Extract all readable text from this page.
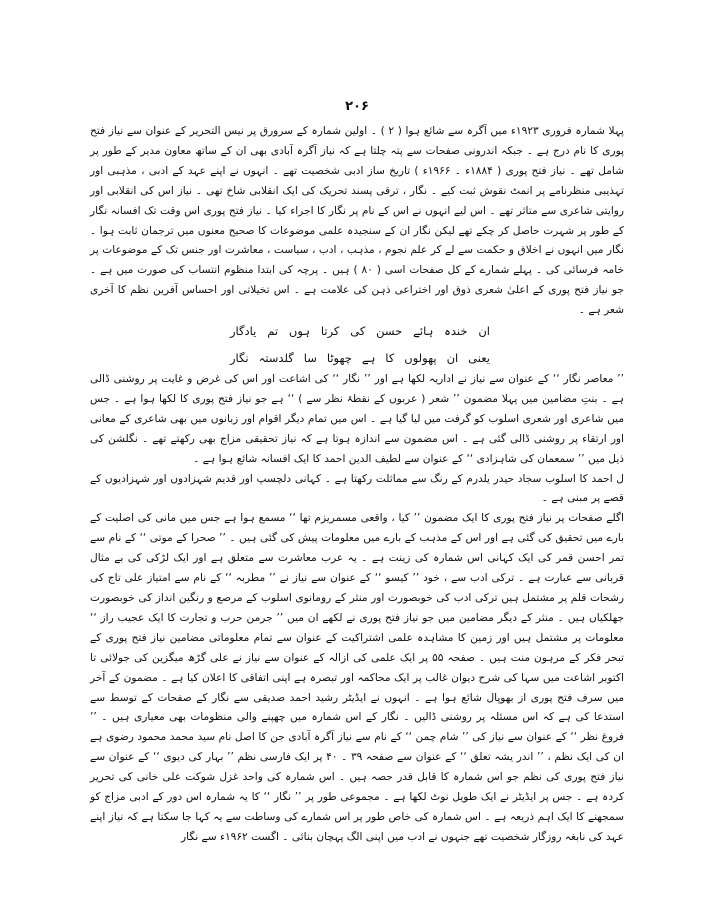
۲۰۶
پہلا شمارہ فروری ۱۹۲۳ء میں آگرہ سے شائع ہوا ( ۲ ) ۔ اولین شمارہ کے سرورق پر نیس التحریر کے عنوان سے نیاز فتح پوری کا نام درج ہے ۔ جبکہ اندرونی صفحات سے پتہ چلتا ہے کہ نیاز آگرہ آبادی بھی ان کے ساتھ معاون مدیر کے طور پر شامل تھے ۔ نیاز فتح پوری ( ۱۸۸۴ء ۔ ۱۹۶۶ء ) تاریخ ساز ادبی شخصیت تھے ۔ انہوں نے اپنے عہد کے ادبی ، مذہبی اور تہذیبی منظرنامے پر انمٹ نقوش ثبت کیے ۔ نگار ، ترقی پسند تحریک کی ایک انقلابی شاخ تھی ۔ نیاز اس کی انقلابی اور روایتی شاعری سے متاثر تھے ۔ اس لیے انہوں نے اس کے نام پر نگار کا اجراء کیا ۔ نیاز فتح پوری اس وقت تک افسانہ نگار کے طور پر شہرت حاصل کر چکے تھے لیکن نگار ان کے سنجیدہ علمی موضوعات کا صحیح معنوں میں ترجمان ثابت ہوا ۔ نگار میں انہوں نے اخلاق و حکمت سے لے کر علم نجوم ، مذہب ، ادب ، سیاست ، معاشرت اور جنس تک کے موضوعات پر خامہ فرسائی کی ۔ پہلے شمارے کے کل صفحات اسی ( ۸۰ ) ہیں ۔ پرچہ کی ابتدا منظوم انتساب کی صورت میں ہے ۔ جو نیاز فتح پوری کے اعلیٰ شعری ذوق اور اختراعی ذہن کی علامت ہے ۔ اس تخیلاتی اور احساس آفرین نظم کا آخری شعر ہے ۔
ان خندہ ہائے حسن کی کرتا ہوں تم یادگار
یعنی ان پھولوں کا ہے چھوٹا سا گلدستہ نگار
’’ معاصر نگار ‘‘ کے عنوان سے نیاز نے اداریہ لکھا ہے اور ’’ نگار ‘‘ کی اشاعت اور اس کی غرض و غایت پر روشنی ڈالی ہے ۔ بنتِ مضامین میں پہلا مضمون ’’ شعر ( عربوں کے نقطۂ نظر سے ) ‘‘ ہے جو نیاز فتح پوری کا لکھا ہوا ہے ۔ جس میں شاعری اور شعری اسلوب کو گرفت میں لیا گیا ہے ۔ اس میں تمام دیگر اقوام اور زبانوں میں بھی شاعری کے معانی اور ارتقاء پر روشنی ڈالی گئی ہے ۔ اس مضمون سے اندازہ ہوتا ہے کہ نیاز تحقیقی مزاج بھی رکھتے تھے ۔ نگلشن کی ذیل میں ’’ سمعمان کی شاہزادی ‘‘ کے عنوان سے لطیف الدین احمد کا ایک افسانہ شائع ہوا ہے ۔
ل احمد کا اسلوب سجاد حیدر یلدرم کے رنگ سے مماثلت رکھتا ہے ۔ کہانی دلچسپ اور قدیم شہزادوں اور شہزادیوں کے قصے پر مبنی ہے ۔
اگلے صفحات پر نیاز فتح پوری کا ایک مضمون ’’ کیا ، واقعی مسمریزم تھا ‘‘ مسمع ہوا ہے جس میں مانی کی اصلیت کے بارے میں تحقیق کی گئی ہے اور اس کے مذہب کے بارے میں معلومات پیش کی گئی ہیں ۔ ’’ صحرا کے موتی ‘‘ کے نام سے تمر احسن قمر کی ایک کہانی اس شمارہ کی زینت ہے ۔ یہ عرب معاشرت سے متعلق ہے اور ایک لڑکی کی بے مثال قربانی سے عبارت ہے ۔ ترکی ادب سے ، خود ’’ کیسو ‘‘ کے عنوان سے نیاز نے ’’ مطربہ ‘‘ کے نام سے امتیاز علی تاج کی رشحات قلم پر مشتمل ہیں ترکی ادب کی خوبصورت اور منثر کے رومانوی اسلوب کے مرصع و رنگین انداز کی خوبصورت جھلکیاں ہیں ۔ منثر کے دیگر مضامین میں جو نیاز فتح پوری نے لکھے ان میں ’’ جرمن حرب و تجارت کا ایک عجیب راز ‘‘ معلومات پر مشتمل ہیں اور زمین کا مشاہدہ علمی اشتراکیت کے عنوان سے تمام معلوماتی مضامین نیاز فتح پوری کے تبحر فکر کے مرہون منت ہیں ۔ صفحہ ۵۵ پر ایک علمی کی ازالہ کے عنوان سے نیاز نے علی گڑھ میگزین کی جولائی تا اکتوبر اشاعت میں سہا کی شرح دیوان غالب پر ایک محاکمہ اور تبصرہ ہے اپنی اتفاقی کا اعلان کیا ہے ۔ مضمون کے آخر میں سرف فتح پوری از بھوپال شائع ہوا ہے ۔ انہوں نے ایڈیٹر رشید احمد صدیقی سے نگار کے صفحات کے توسط سے استدعا کی ہے کہ اس مسئلہ پر روشنی ڈالیں ۔ نگار کے اس شمارہ میں چھپنے والی منظومات بھی معیاری ہیں ۔ ’’ فروغ نظر ‘‘ کے عنوان سے نیاز کی ’’ شام چمن ‘‘ کے نام سے نیاز آگرہ آبادی جن کا اصل نام سید محمد محمود رضوی ہے ان کی ایک نظم ، ’’ اندر یشہ تعلق ‘‘ کے عنوان سے صفحہ ۳۹ ۔ ۴۰ پر ایک فارسی نظم ’’ بہار کی دیوی ‘‘ کے عنوان سے نیاز فتح پوری کی نظم جو اس شمارہ کا قابل قدر حصہ ہیں ۔ اس شمارہ کی واحد غزل شوکت علی خانی کی تحریر کردہ ہے ۔ جس پر ایڈیٹر نے ایک طویل نوٹ لکھا ہے ۔ مجموعی طور پر ’’ نگار ‘‘ کا یہ شمارہ اس دور کے ادبی مزاج کو سمجھنے کا ایک اہم ذریعہ ہے ۔ اس شمارہ کی خاص طور پر اس شمارے کی وساطت سے یہ کہا جا سکتا ہے کہ نیاز اپنے عہد کی نابغہ روزگار شخصیت تھے جنہوں نے ادب میں اپنی الگ پہچان بنائی ۔ اگست ۱۹۶۲ء سے نگار
